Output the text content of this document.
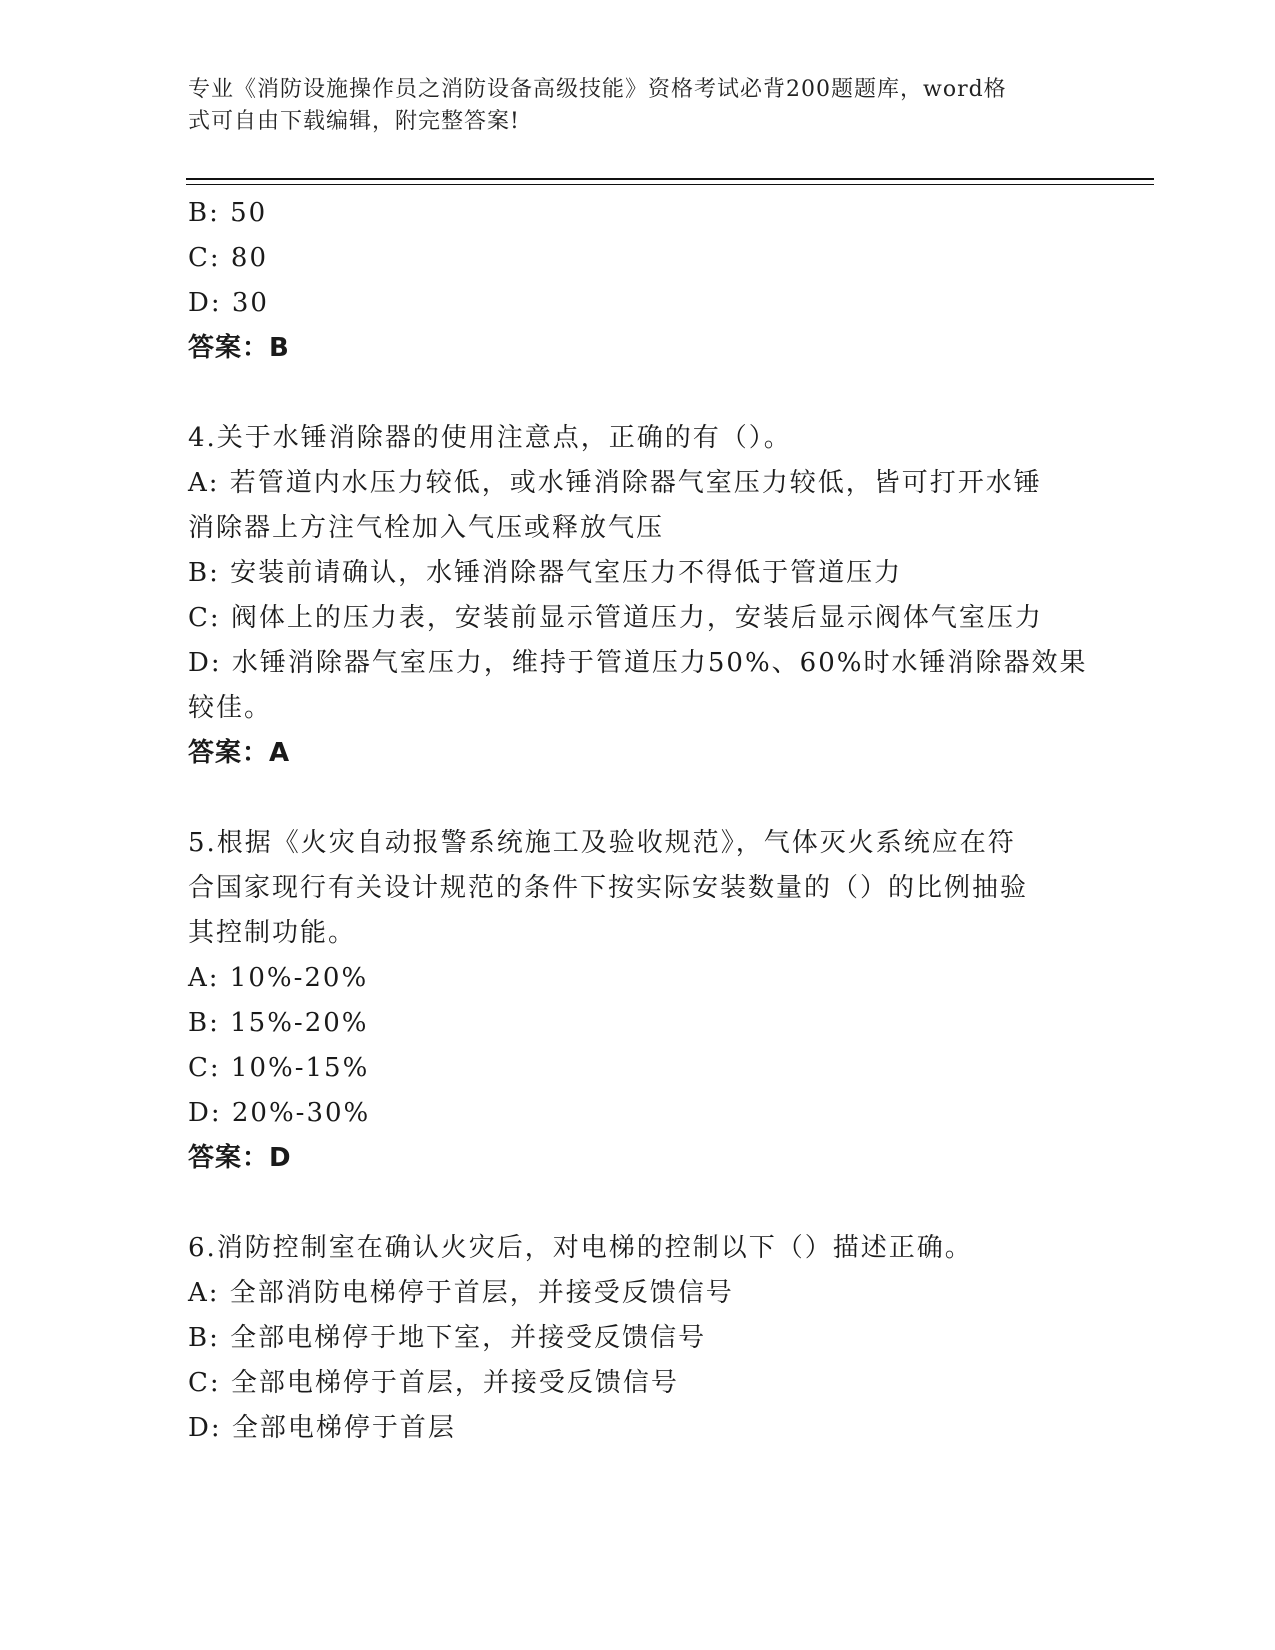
专业《消防设施操作员之消防设备高级技能》资格考试必背200题题库，word格
式可自由下载编辑，附完整答案!
B: 50
C: 80
D: 30
答案：B
4.关于水锤消除器的使用注意点，正确的有（）。
A: 若管道内水压力较低，或水锤消除器气室压力较低，皆可打开水锤
消除器上方注气栓加入气压或释放气压
B: 安装前请确认，水锤消除器气室压力不得低于管道压力
C: 阀体上的压力表，安装前显示管道压力，安装后显示阀体气室压力
D: 水锤消除器气室压力，维持于管道压力50%、60%时水锤消除器效果
较佳。
答案：A
5.根据《火灾自动报警系统施工及验收规范》，气体灭火系统应在符
合国家现行有关设计规范的条件下按实际安装数量的（）的比例抽验
其控制功能。
A: 10%-20%
B: 15%-20%
C: 10%-15%
D: 20%-30%
答案：D
6.消防控制室在确认火灾后，对电梯的控制以下（）描述正确。
A: 全部消防电梯停于首层，并接受反馈信号
B: 全部电梯停于地下室，并接受反馈信号
C: 全部电梯停于首层，并接受反馈信号
D: 全部电梯停于首层
